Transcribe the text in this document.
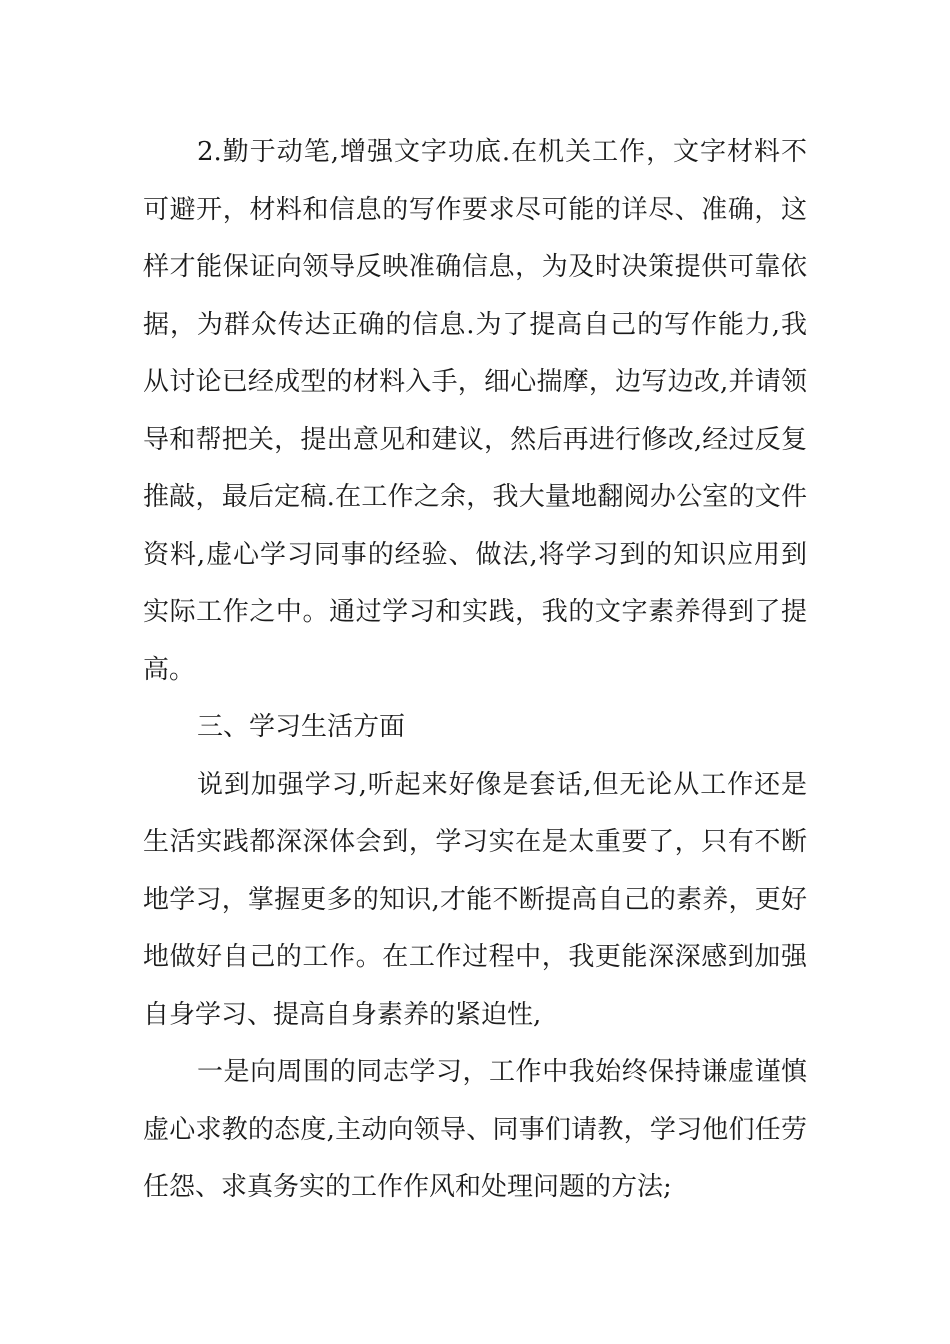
2.勤于动笔,增强文字功底.在机关工作，文字材料不
可避开，材料和信息的写作要求尽可能的详尽、准确，这
样才能保证向领导反映准确信息，为及时决策提供可靠依
据，为群众传达正确的信息.为了提高自己的写作能力,我
从讨论已经成型的材料入手，细心揣摩，边写边改,并请领
导和帮把关，提出意见和建议，然后再进行修改,经过反复
推敲，最后定稿.在工作之余，我大量地翻阅办公室的文件
资料,虚心学习同事的经验、做法,将学习到的知识应用到
实际工作之中。通过学习和实践，我的文字素养得到了提
高。
三、学习生活方面
说到加强学习,听起来好像是套话,但无论从工作还是
生活实践都深深体会到，学习实在是太重要了，只有不断
地学习，掌握更多的知识,才能不断提高自己的素养，更好
地做好自己的工作。在工作过程中，我更能深深感到加强
自身学习、提高自身素养的紧迫性,
一是向周围的同志学习，工作中我始终保持谦虚谨慎
虚心求教的态度,主动向领导、同事们请教，学习他们任劳
任怨、求真务实的工作作风和处理问题的方法;
